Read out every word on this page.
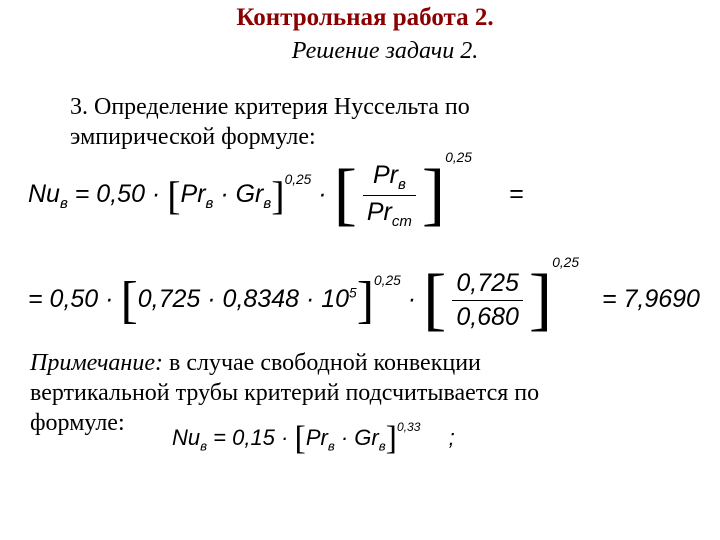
Контрольная работа 2.
Решение задачи 2.
3. Определение критерия Нуссельта по
эмпирической формуле:
$Nu_в = 0,50 \cdot [Pr_в \cdot Gr_в]^{0,25}$ · [ $\frac{Pr_в}{Pr_{ст}} ]^{0,25}$ =
= $0,50 \cdot [0,725 \cdot 0,8348 \cdot 10^5]^{0,25}$ · [ $\frac{0,725}{0,680} ]^{0,25} = 7,9690$
Примечание: в случае свободной конвекции
вертикальной трубы критерий подсчитывается по
формуле:
$Nu_в = 0,15 \cdot [Pr_в \cdot Gr_в]^{0,33}$ ;
